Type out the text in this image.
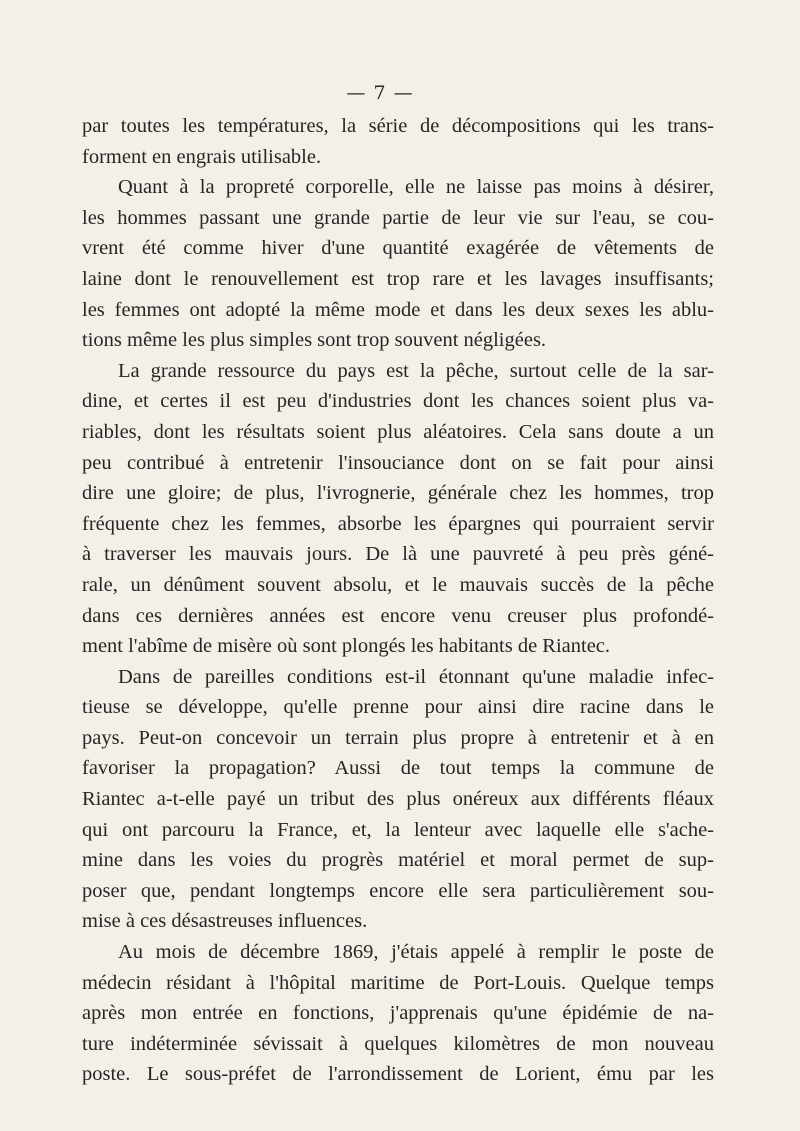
— 7 —
par toutes les températures, la série de décompositions qui les trans-
forment en engrais utilisable.
Quant à la propreté corporelle, elle ne laisse pas moins à désirer,
les hommes passant une grande partie de leur vie sur l'eau, se cou-
vrent été comme hiver d'une quantité exagérée de vêtements de
laine dont le renouvellement est trop rare et les lavages insuffisants;
les femmes ont adopté la même mode et dans les deux sexes les ablu-
tions même les plus simples sont trop souvent négligées.
La grande ressource du pays est la pêche, surtout celle de la sar-
dine, et certes il est peu d'industries dont les chances soient plus va-
riables, dont les résultats soient plus aléatoires. Cela sans doute a un
peu contribué à entretenir l'insouciance dont on se fait pour ainsi
dire une gloire; de plus, l'ivrognerie, générale chez les hommes, trop
fréquente chez les femmes, absorbe les épargnes qui pourraient servir
à traverser les mauvais jours. De là une pauvreté à peu près géné-
rale, un dénûment souvent absolu, et le mauvais succès de la pêche
dans ces dernières années est encore venu creuser plus profondé-
ment l'abîme de misère où sont plongés les habitants de Riantec.
Dans de pareilles conditions est-il étonnant qu'une maladie infec-
tieuse se développe, qu'elle prenne pour ainsi dire racine dans le
pays. Peut-on concevoir un terrain plus propre à entretenir et à en
favoriser la propagation? Aussi de tout temps la commune de
Riantec a-t-elle payé un tribut des plus onéreux aux différents fléaux
qui ont parcouru la France, et, la lenteur avec laquelle elle s'ache-
mine dans les voies du progrès matériel et moral permet de sup-
poser que, pendant longtemps encore elle sera particulièrement sou-
mise à ces désastreuses influences.
Au mois de décembre 1869, j'étais appelé à remplir le poste de
médecin résidant à l'hôpital maritime de Port-Louis. Quelque temps
après mon entrée en fonctions, j'apprenais qu'une épidémie de na-
ture indéterminée sévissait à quelques kilomètres de mon nouveau
poste. Le sous-préfet de l'arrondissement de Lorient, ému par les
